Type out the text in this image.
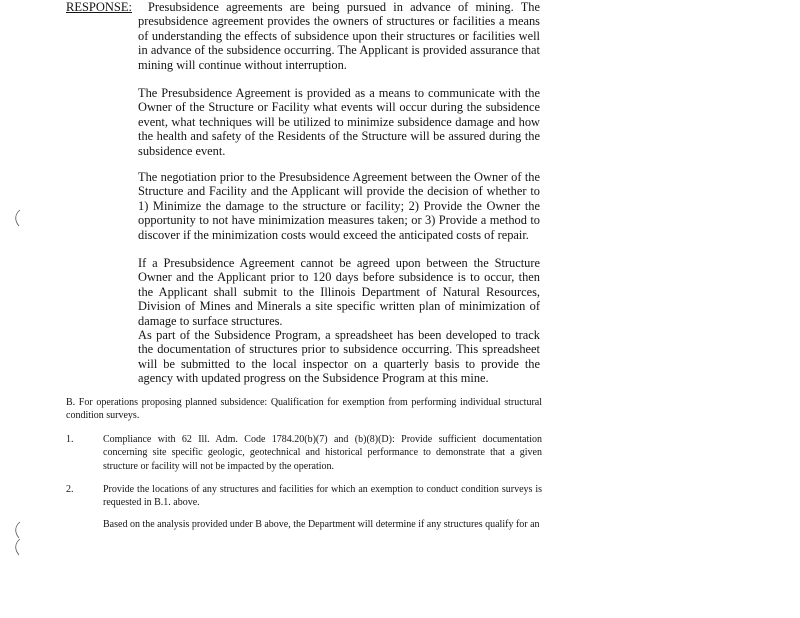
RESPONSE:	Presubsidence agreements are being pursued in advance of mining. The presubsidence agreement provides the owners of structures or facilities a means of understanding the effects of subsidence upon their structures or facilities well in advance of the subsidence occurring. The Applicant is provided assurance that mining will continue without interruption.

The Presubsidence Agreement is provided as a means to communicate with the Owner of the Structure or Facility what events will occur during the subsidence event, what techniques will be utilized to minimize subsidence damage and how the health and safety of the Residents of the Structure will be assured during the subsidence event.

The negotiation prior to the Presubsidence Agreement between the Owner of the Structure and Facility and the Applicant will provide the decision of whether to 1) Minimize the damage to the structure or facility; 2) Provide the Owner the opportunity to not have minimization measures taken; or 3) Provide a method to discover if the minimization costs would exceed the anticipated costs of repair.

If a Presubsidence Agreement cannot be agreed upon between the Structure Owner and the Applicant prior to 120 days before subsidence is to occur, then the Applicant shall submit to the Illinois Department of Natural Resources, Division of Mines and Minerals a site specific written plan of minimization of damage to surface structures.

As part of the Subsidence Program, a spreadsheet has been developed to track the documentation of structures prior to subsidence occurring. This spreadsheet will be submitted to the local inspector on a quarterly basis to provide the agency with updated progress on the Subsidence Program at this mine.

B. For operations proposing planned subsidence: Qualification for exemption from performing individual structural condition surveys.

1.	Compliance with 62 Ill. Adm. Code 1784.20(b)(7) and (b)(8)(D): Provide sufficient documentation concerning site specific geologic, geotechnical and historical performance to demonstrate that a given structure or facility will not be impacted by the operation.

2.	Provide the locations of any structures and facilities for which an exemption to conduct condition surveys is requested in B.1. above.

Based on the analysis provided under B above, the Department will determine if any structures qualify for an
